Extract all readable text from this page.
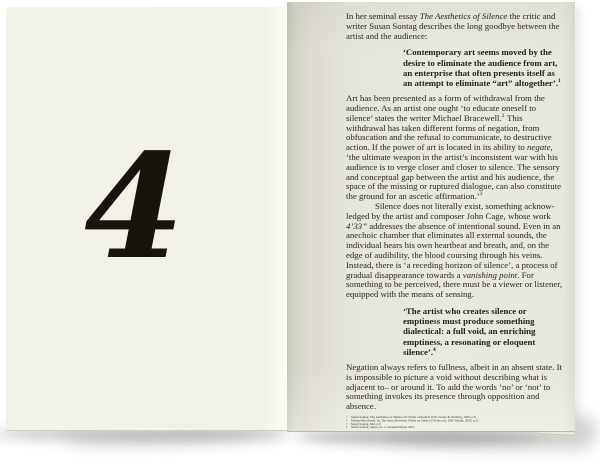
4

In her seminal essay The Aesthetics of Silence the critic and writer Susan Sontag describes the long goodbye between the artist and the audience:

‘Contemporary art seems moved by the desire to eliminate the audience from art, an enterprise that often presents itself as an attempt to eliminate “art” altogether’.$^1$

Art has been presented as a form of withdrawal from the audience. As an artist one ought ‘to educate oneself to silence’ states the writer Michael Bracewell.$^2$ This withdrawal has taken different forms of negation, from obfuscation and the refusal to communicate, to destructive action. If the power of art is located in its ability to negate, ‘the ultimate weapon in the artist’s inconsistent war with his audience is to verge closer and closer to silence. The sensory and conceptual gap between the artist and his audience, the space of the missing or ruptured dialogue, can also constitute the ground for an ascetic affirmation.’$^3$

Silence does not literally exist, something acknowledged by the artist and composer John Cage, whose work 4’33” addresses the absence of intentional sound. Even in an anechoic chamber that eliminates all external sounds, the individual hears his own heartbeat and breath, and, on the edge of audibility, the blood coursing through his veins. Instead, there is ‘a receding horizon of silence’, a process of gradual disappearance towards a vanishing point. For something to be perceived, there must be a viewer or listener, equipped with the means of sensing.

‘The artist who creates silence or emptiness must produce something dialectical: a full void, an enriching emptiness, a resonating or eloquent silence’.$^4$

Negation always refers to fullness, albeit in an absent state. It is impossible to picture a void without describing what is adjacent to– or around it. To add the words ‘no’ or ‘not’ to something invokes its presence through opposition and absence.

1 Susan Sontag, The Aesthetics of Silence, In: Styles of Radical Will, Secker & Warburg, 1969, p.8
2 Michael Bracewell, In: The Space Between, Works on Silence (Works ed.), MIT Wright, 2005, p.52
3 Susan Sontag, ibid, p.8
4 Susan Sontag, Agora, no. 2, Autumn/Winter 2005
